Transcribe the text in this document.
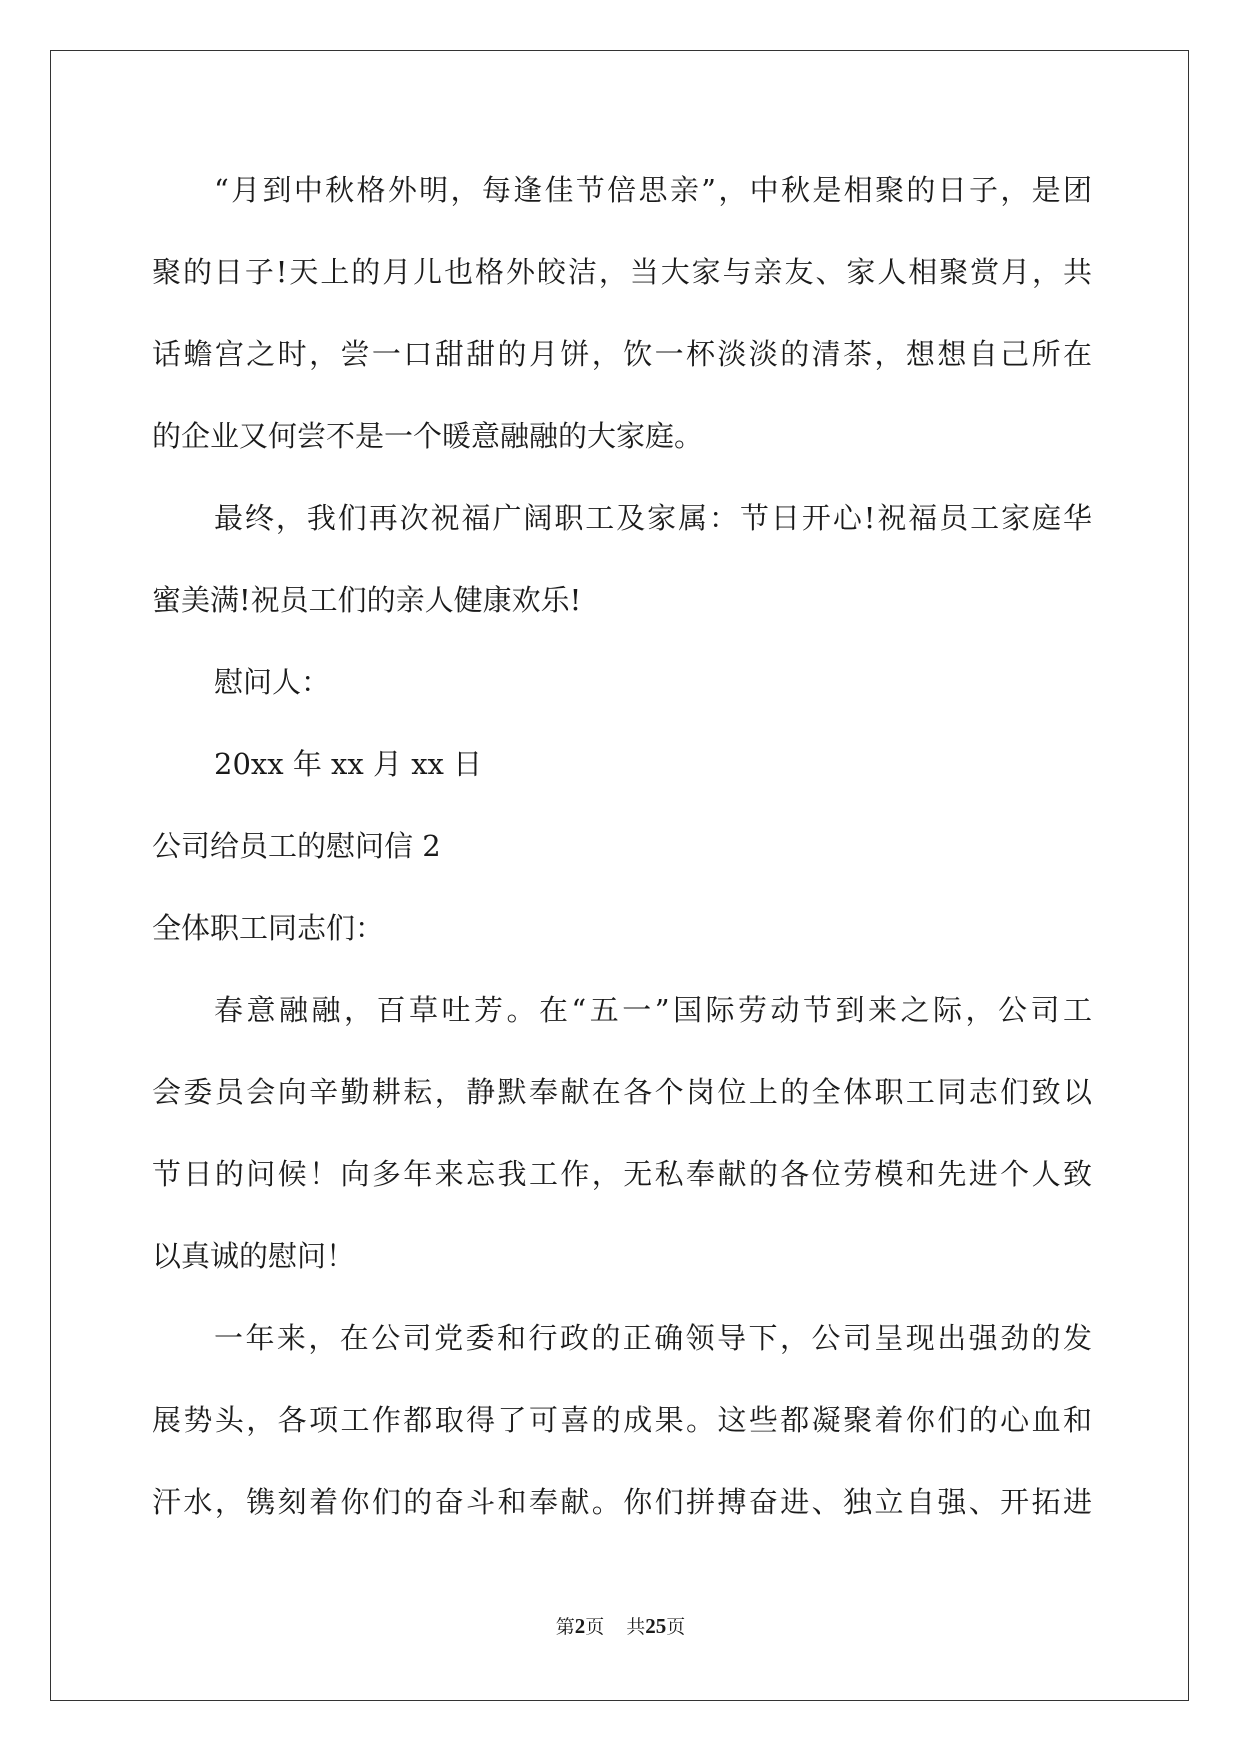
“月到中秋格外明，每逢佳节倍思亲”，中秋是相聚的日子，是团
聚的日子!天上的月儿也格外皎洁，当大家与亲友、家人相聚赏月，共
话蟾宫之时，尝一口甜甜的月饼，饮一杯淡淡的清茶，想想自己所在
的企业又何尝不是一个暖意融融的大家庭。
最终，我们再次祝福广阔职工及家属：节日开心!祝福员工家庭华
蜜美满!祝员工们的亲人健康欢乐!
慰问人：
20xx 年 xx 月 xx 日
公司给员工的慰问信 2
全体职工同志们：
春意融融，百草吐芳。在“五一”国际劳动节到来之际，公司工
会委员会向辛勤耕耘，静默奉献在各个岗位上的全体职工同志们致以
节日的问候！向多年来忘我工作，无私奉献的各位劳模和先进个人致
以真诚的慰问！
一年来，在公司党委和行政的正确领导下，公司呈现出强劲的发
展势头，各项工作都取得了可喜的成果。这些都凝聚着你们的心血和
汗水，镌刻着你们的奋斗和奉献。你们拼搏奋进、独立自强、开拓进
第2页 共25页
